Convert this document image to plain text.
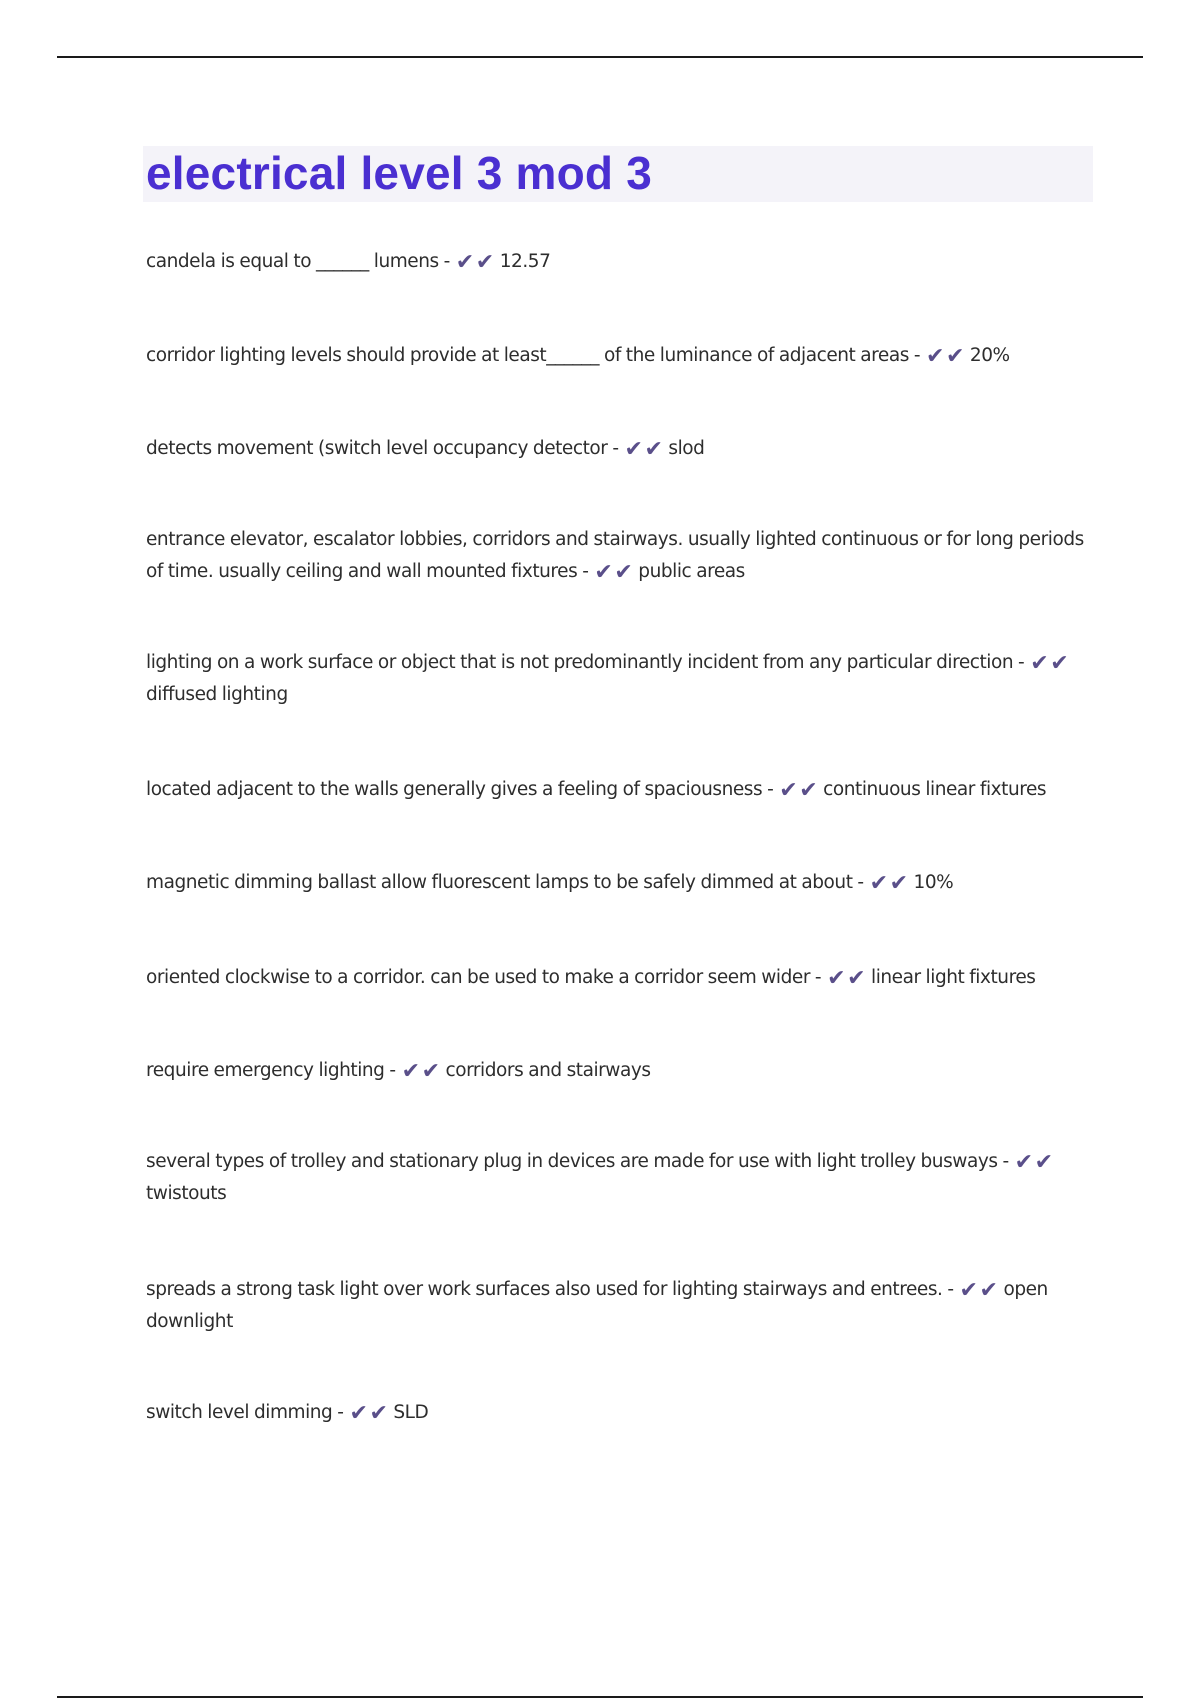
electrical level 3 mod 3

candela is equal to ______ lumens - ✔✔ 12.57

corridor lighting levels should provide at least______ of the luminance of adjacent areas - ✔✔ 20%

detects movement (switch level occupancy detector - ✔✔ slod

entrance elevator, escalator lobbies, corridors and stairways. usually lighted continuous or for long periods of time. usually ceiling and wall mounted fixtures - ✔✔ public areas

lighting on a work surface or object that is not predominantly incident from any particular direction - ✔✔ diffused lighting

located adjacent to the walls generally gives a feeling of spaciousness - ✔✔ continuous linear fixtures

magnetic dimming ballast allow fluorescent lamps to be safely dimmed at about - ✔✔ 10%

oriented clockwise to a corridor. can be used to make a corridor seem wider - ✔✔ linear light fixtures

require emergency lighting - ✔✔ corridors and stairways

several types of trolley and stationary plug in devices are made for use with light trolley busways - ✔✔ twistouts

spreads a strong task light over work surfaces also used for lighting stairways and entrees. - ✔✔ open downlight

switch level dimming - ✔✔ SLD
